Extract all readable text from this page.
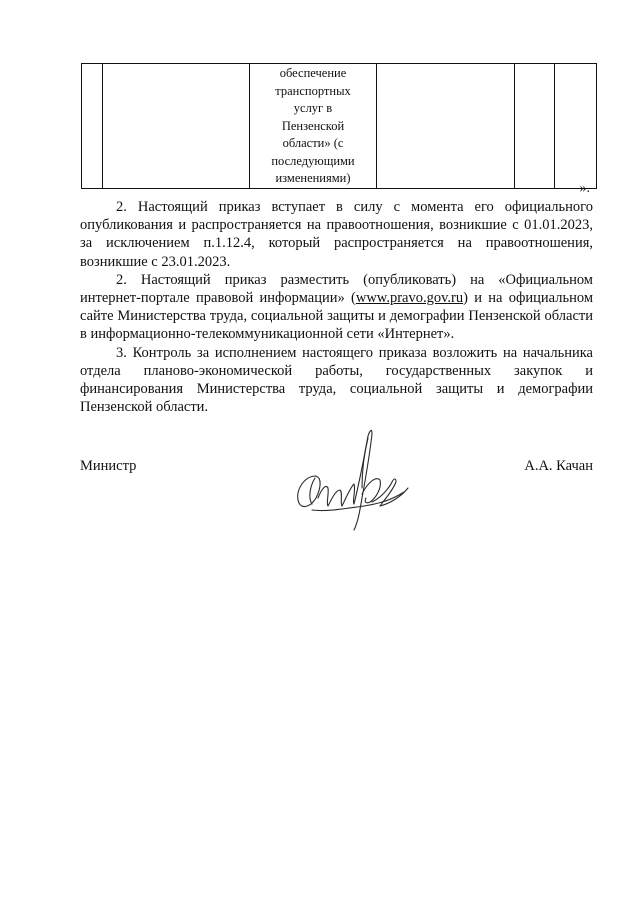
обеспечение
транспортных
услуг в
Пензенской
области» (с
последующими
изменениями)

».

2. Настоящий приказ вступает в силу с момента его официального опубликования и распространяется на правоотношения, возникшие с 01.01.2023, за исключением п.1.12.4, который распространяется на правоотношения, возникшие с 23.01.2023.

2. Настоящий приказ разместить (опубликовать) на «Официальном интернет-портале правовой информации» (www.pravo.gov.ru) и на официальном сайте Министерства труда, социальной защиты и демографии Пензенской области в информационно-телекоммуникационной сети «Интернет».

3. Контроль за исполнением настоящего приказа возложить на начальника отдела планово-экономической работы, государственных закупок и финансирования Министерства труда, социальной защиты и демографии Пензенской области.

Министр	А.А. Качан
